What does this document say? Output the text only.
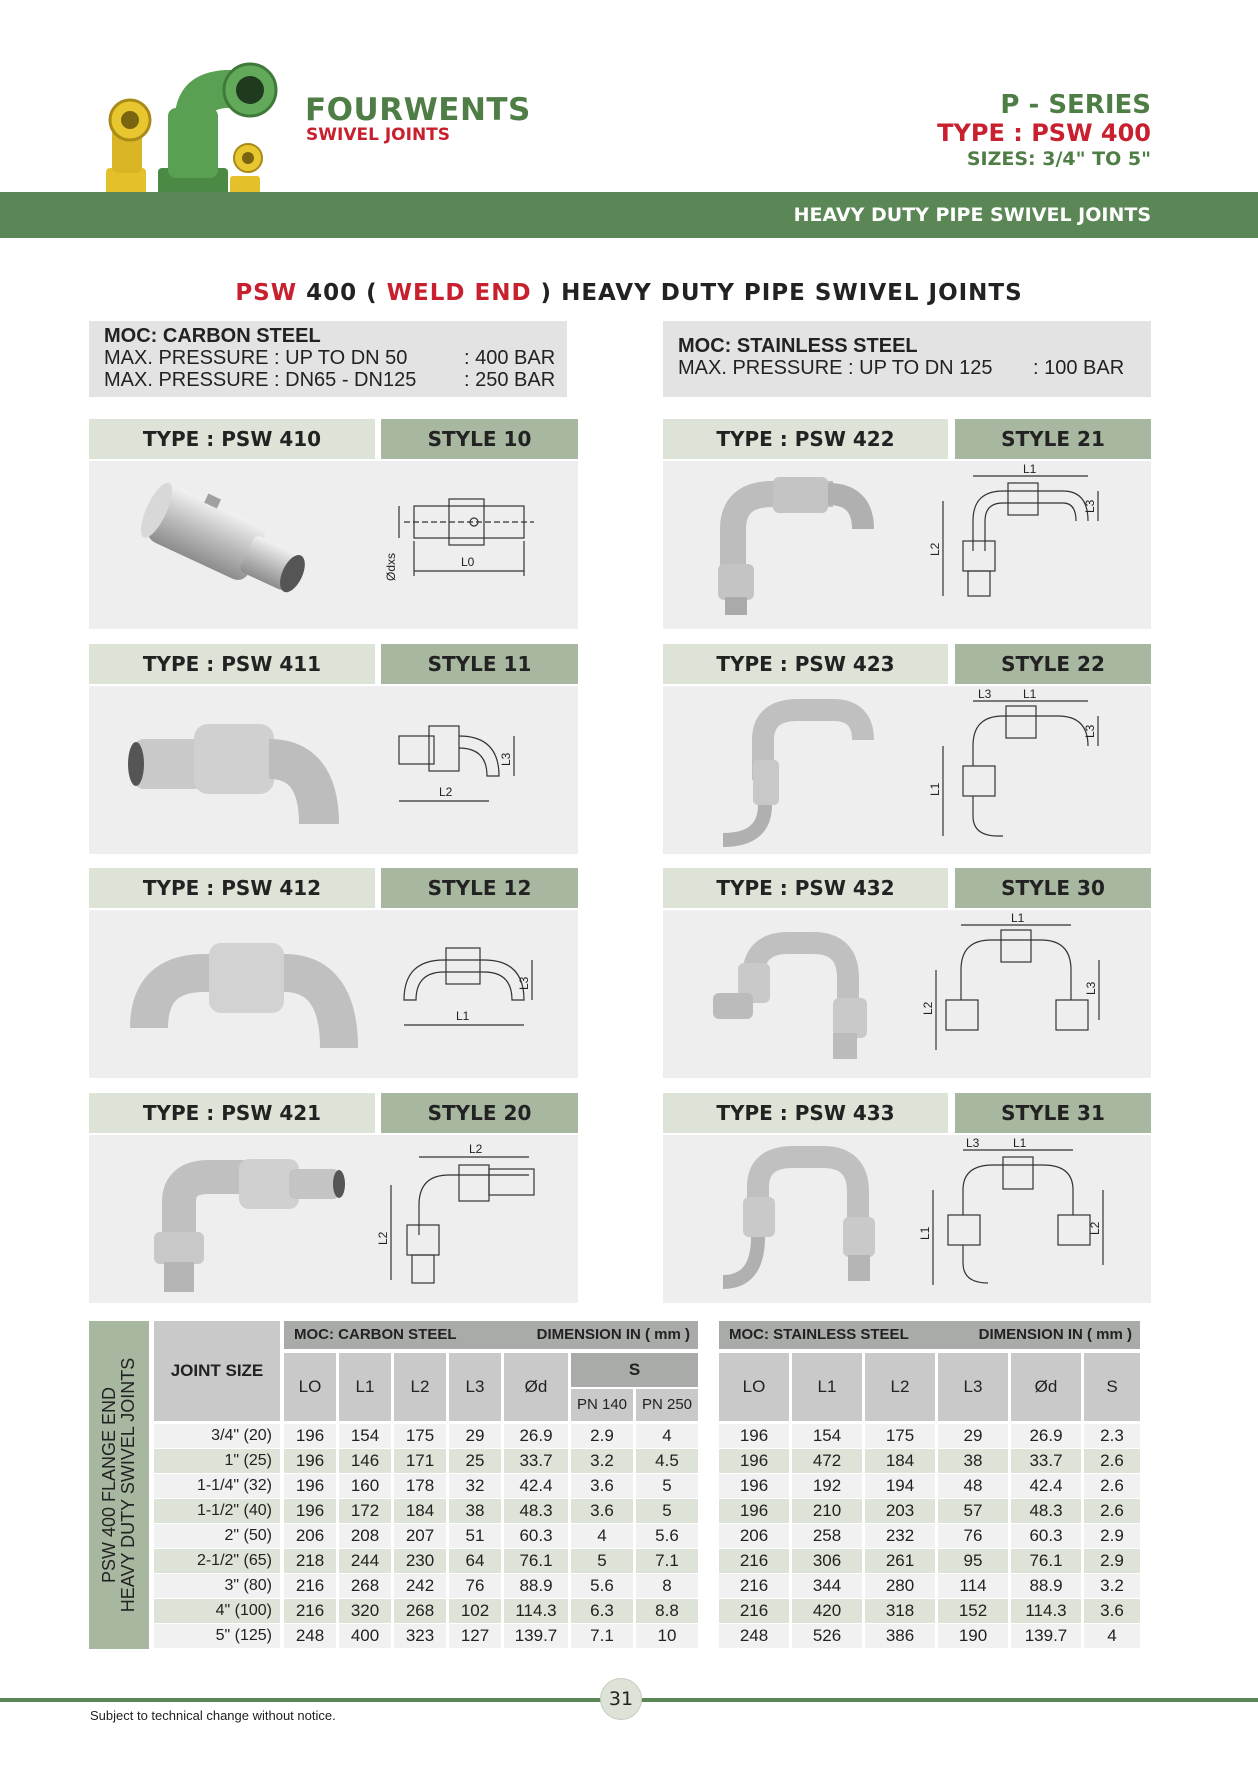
FOURWENTS
SWIVEL JOINTS
P - SERIES
TYPE : PSW 400
SIZES: 3/4" TO 5"
HEAVY DUTY PIPE SWIVEL JOINTS
PSW 400 ( WELD END ) HEAVY DUTY PIPE SWIVEL JOINTS
MOC: CARBON STEEL
MAX. PRESSURE : UP TO DN 50	: 400 BAR
MAX. PRESSURE : DN65 - DN125	: 250 BAR
MOC: STAINLESS STEEL
MAX. PRESSURE : UP TO DN 125	: 100 BAR
TYPE : PSW 410	STYLE 10
Ødxs	L0
TYPE : PSW 422	STYLE 21
L1
L2
L3
TYPE : PSW 411	STYLE 11
L2
L3
TYPE : PSW 423	STYLE 22
L3	L1
L1
L3
TYPE : PSW 412	STYLE 12
L1
L3
TYPE : PSW 432	STYLE 30
L1
L2
L3
TYPE : PSW 421	STYLE 20
L2
L2
TYPE : PSW 433	STYLE 31
L3	L1
L1	L2
PSW 400 FLANGE END HEAVY DUTY SWIVEL JOINTS	JOINT SIZE
MOC: CARBON STEEL	DIMENSION IN ( mm )
LO	L1	L2	L3	Ød
S
PN 140 PN 250
MOC: STAINLESS STEEL	DIMENSION IN ( mm )
LO	L1	L2	L3	Ød	S
3/4" (20)	196	154	175	29	26.9	2.9	4	196	154	175	29	26.9	2.3
1" (25)	196	146	171	25	33.7	3.2	4.5	196	472	184	38	33.7	2.6
1-1/4" (32)	196	160	178	32	42.4	3.6	5	196	192	194	48	42.4	2.6
1-1/2" (40)	196	172	184	38	48.3	3.6	5	196	210	203	57	48.3	2.6
2" (50)	206	208	207	51	60.3	4	5.6	206	258	232	76	60.3	2.9
2-1/2" (65)	218	244	230	64	76.1	5	7.1	216	306	261	95	76.1	2.9
3" (80)	216	268	242	76	88.9	5.6	8	216	344	280	114	88.9	3.2
4" (100)	216	320	268	102	114.3	6.3	8.8	216	420	318	152	114.3	3.6
5" (125)	248	400	323	127	139.7	7.1	10	248	526	386	190	139.7	4
31
Subject to technical change without notice.
